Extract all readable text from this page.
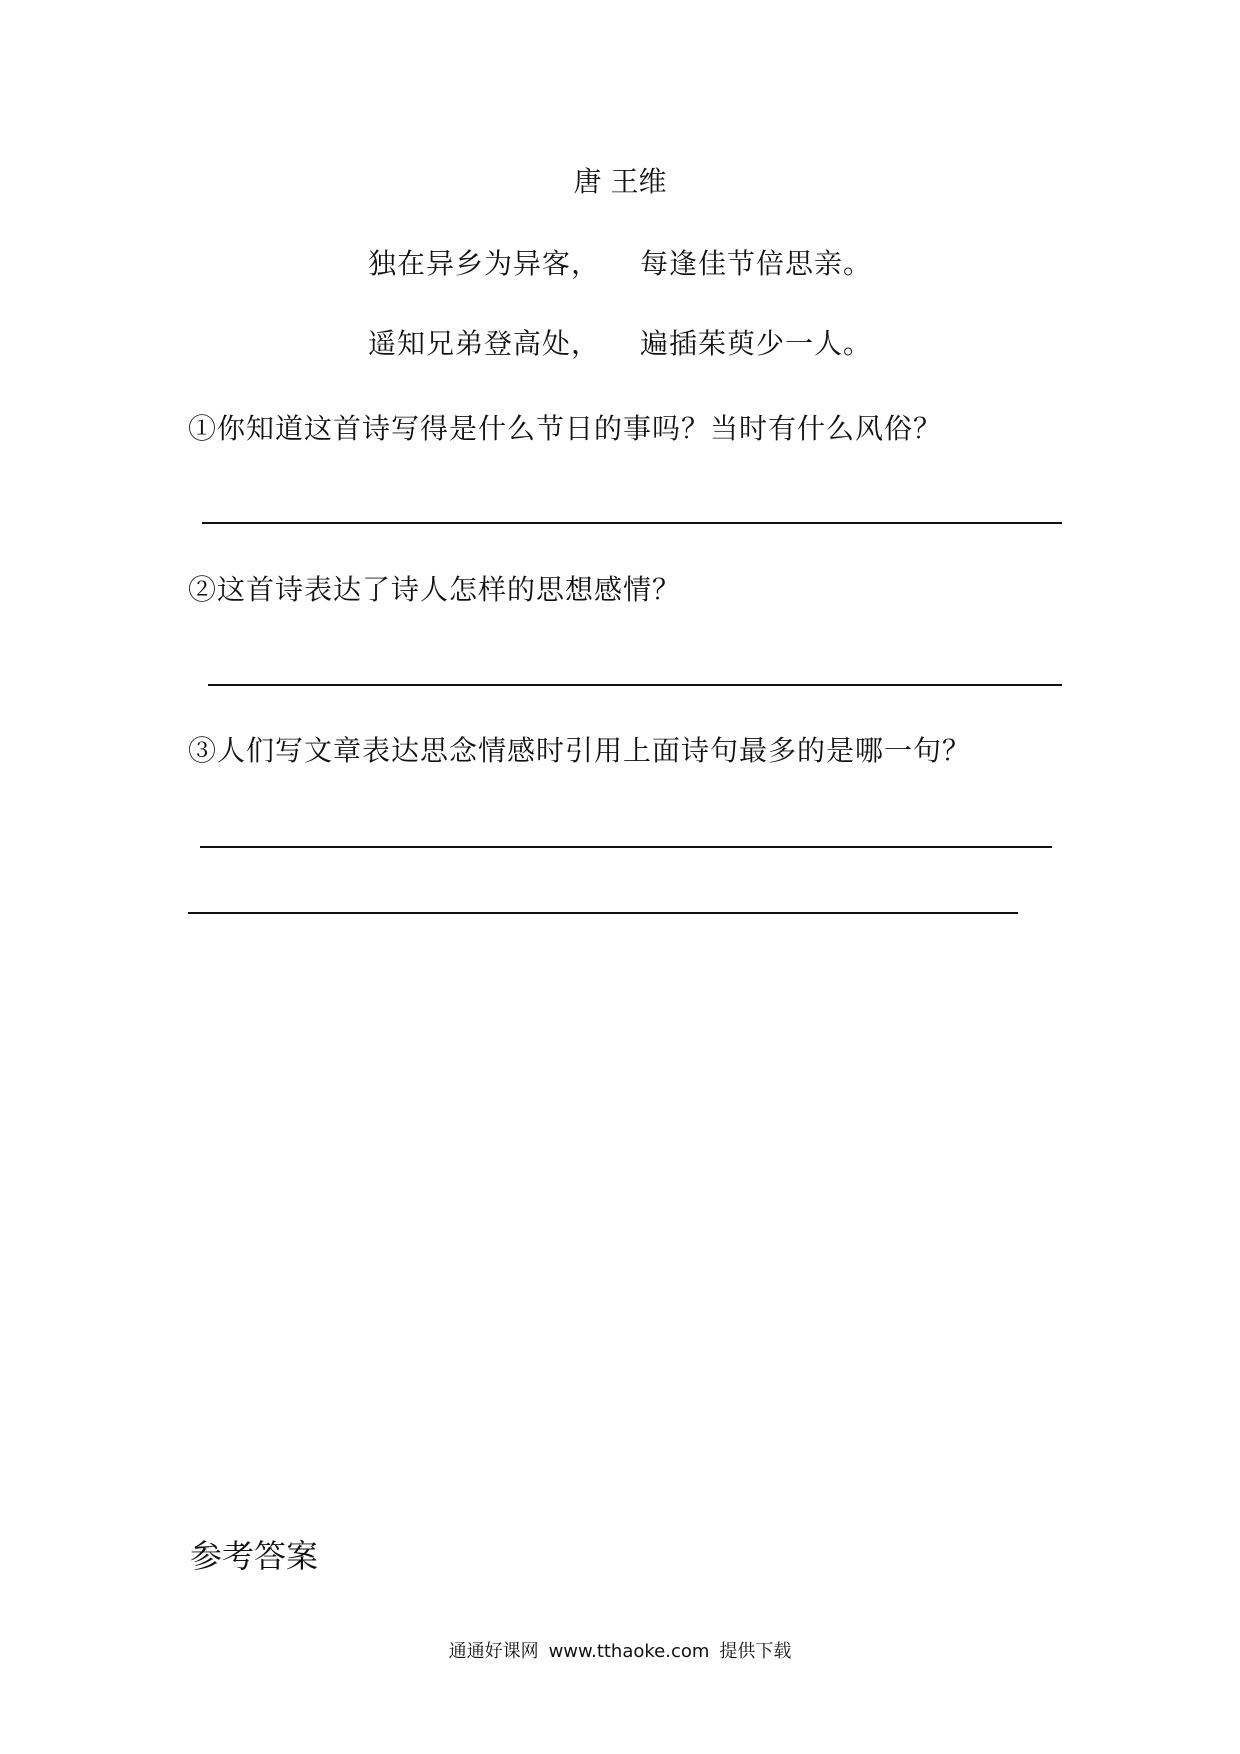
唐 王维
独在异乡为异客， 每逢佳节倍思亲。
遥知兄弟登高处， 遍插茱萸少一人。
①你知道这首诗写得是什么节日的事吗？当时有什么风俗？
②这首诗表达了诗人怎样的思想感情？
③人们写文章表达思念情感时引用上面诗句最多的是哪一句？
参考答案
通通好课网 www.tthaoke.com 提供下载
